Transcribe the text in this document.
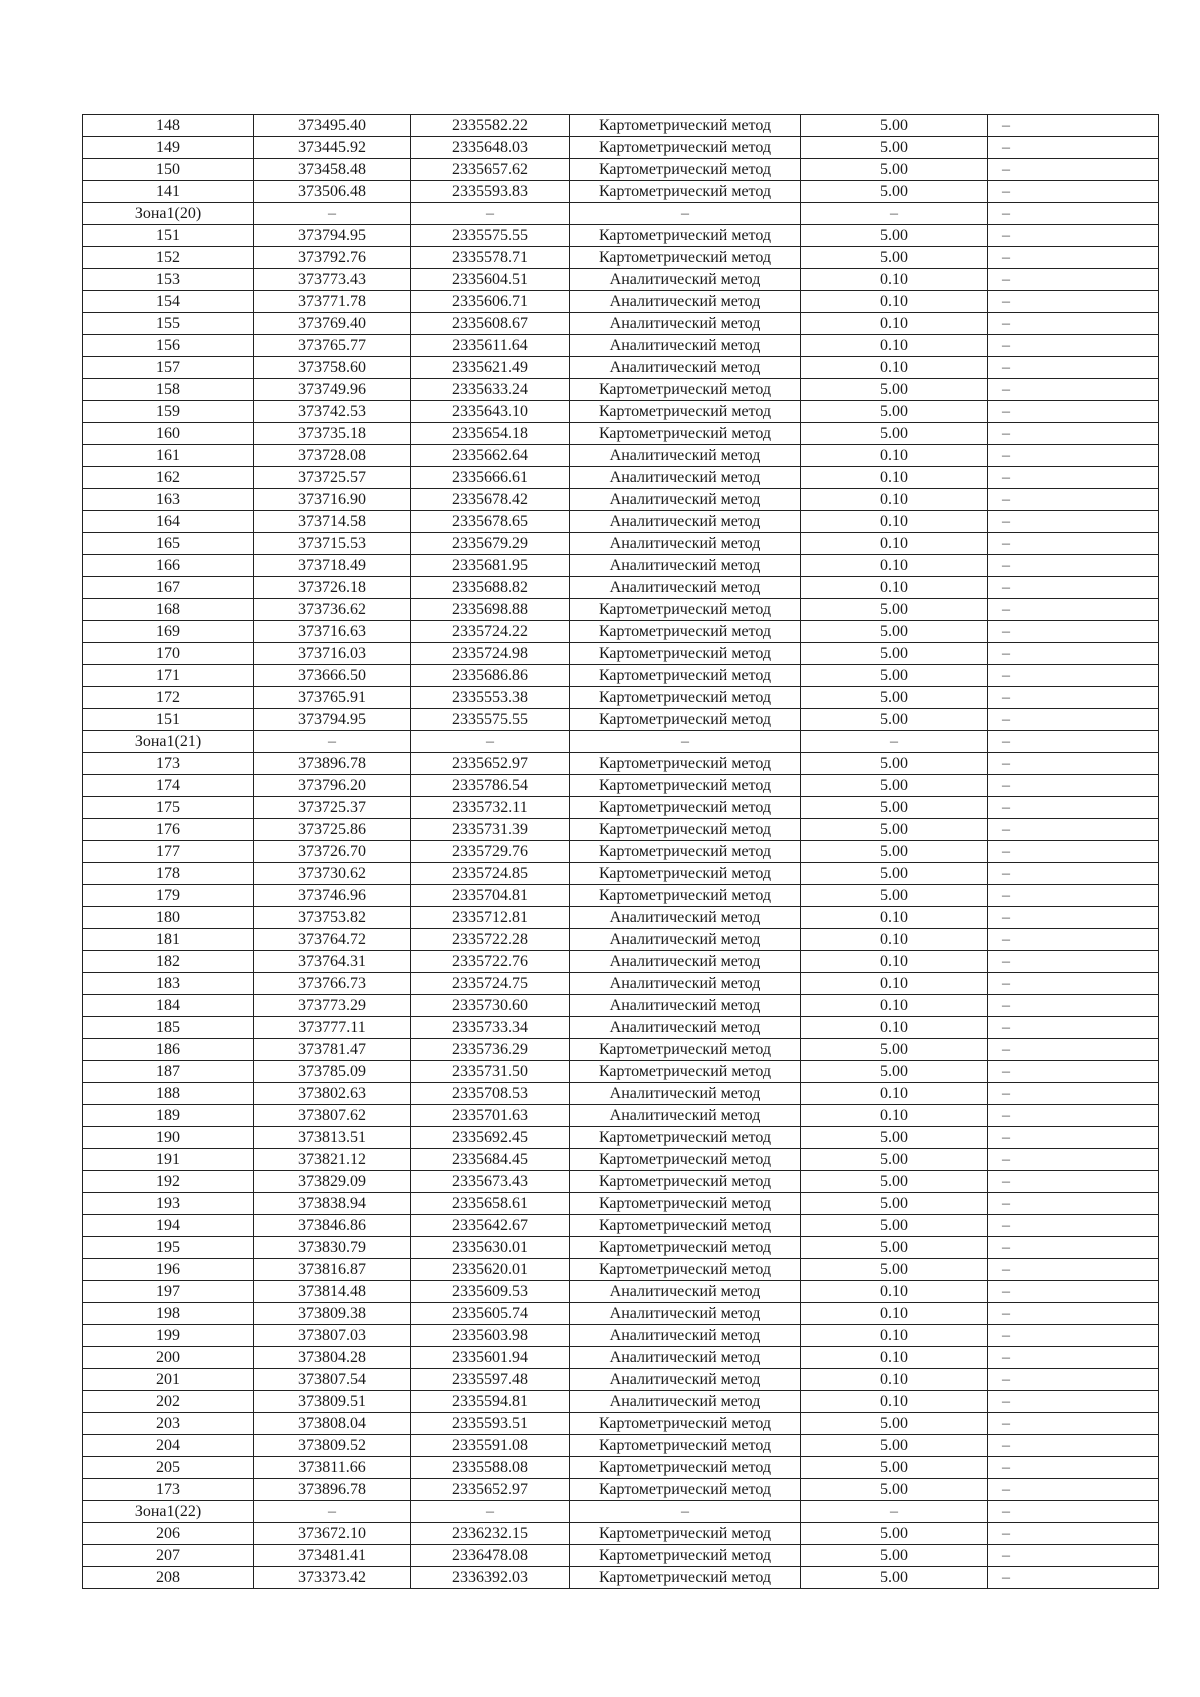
148	373495.40	2335582.22	Картометрический метод	5.00	–
149	373445.92	2335648.03	Картометрический метод	5.00	–
150	373458.48	2335657.62	Картометрический метод	5.00	–
141	373506.48	2335593.83	Картометрический метод	5.00	–
Зона1(20)	–	–	–	–	–
151	373794.95	2335575.55	Картометрический метод	5.00	–
152	373792.76	2335578.71	Картометрический метод	5.00	–
153	373773.43	2335604.51	Аналитический метод	0.10	–
154	373771.78	2335606.71	Аналитический метод	0.10	–
155	373769.40	2335608.67	Аналитический метод	0.10	–
156	373765.77	2335611.64	Аналитический метод	0.10	–
157	373758.60	2335621.49	Аналитический метод	0.10	–
158	373749.96	2335633.24	Картометрический метод	5.00	–
159	373742.53	2335643.10	Картометрический метод	5.00	–
160	373735.18	2335654.18	Картометрический метод	5.00	–
161	373728.08	2335662.64	Аналитический метод	0.10	–
162	373725.57	2335666.61	Аналитический метод	0.10	–
163	373716.90	2335678.42	Аналитический метод	0.10	–
164	373714.58	2335678.65	Аналитический метод	0.10	–
165	373715.53	2335679.29	Аналитический метод	0.10	–
166	373718.49	2335681.95	Аналитический метод	0.10	–
167	373726.18	2335688.82	Аналитический метод	0.10	–
168	373736.62	2335698.88	Картометрический метод	5.00	–
169	373716.63	2335724.22	Картометрический метод	5.00	–
170	373716.03	2335724.98	Картометрический метод	5.00	–
171	373666.50	2335686.86	Картометрический метод	5.00	–
172	373765.91	2335553.38	Картометрический метод	5.00	–
151	373794.95	2335575.55	Картометрический метод	5.00	–
Зона1(21)	–	–	–	–	–
173	373896.78	2335652.97	Картометрический метод	5.00	–
174	373796.20	2335786.54	Картометрический метод	5.00	–
175	373725.37	2335732.11	Картометрический метод	5.00	–
176	373725.86	2335731.39	Картометрический метод	5.00	–
177	373726.70	2335729.76	Картометрический метод	5.00	–
178	373730.62	2335724.85	Картометрический метод	5.00	–
179	373746.96	2335704.81	Картометрический метод	5.00	–
180	373753.82	2335712.81	Аналитический метод	0.10	–
181	373764.72	2335722.28	Аналитический метод	0.10	–
182	373764.31	2335722.76	Аналитический метод	0.10	–
183	373766.73	2335724.75	Аналитический метод	0.10	–
184	373773.29	2335730.60	Аналитический метод	0.10	–
185	373777.11	2335733.34	Аналитический метод	0.10	–
186	373781.47	2335736.29	Картометрический метод	5.00	–
187	373785.09	2335731.50	Картометрический метод	5.00	–
188	373802.63	2335708.53	Аналитический метод	0.10	–
189	373807.62	2335701.63	Аналитический метод	0.10	–
190	373813.51	2335692.45	Картометрический метод	5.00	–
191	373821.12	2335684.45	Картометрический метод	5.00	–
192	373829.09	2335673.43	Картометрический метод	5.00	–
193	373838.94	2335658.61	Картометрический метод	5.00	–
194	373846.86	2335642.67	Картометрический метод	5.00	–
195	373830.79	2335630.01	Картометрический метод	5.00	–
196	373816.87	2335620.01	Картометрический метод	5.00	–
197	373814.48	2335609.53	Аналитический метод	0.10	–
198	373809.38	2335605.74	Аналитический метод	0.10	–
199	373807.03	2335603.98	Аналитический метод	0.10	–
200	373804.28	2335601.94	Аналитический метод	0.10	–
201	373807.54	2335597.48	Аналитический метод	0.10	–
202	373809.51	2335594.81	Аналитический метод	0.10	–
203	373808.04	2335593.51	Картометрический метод	5.00	–
204	373809.52	2335591.08	Картометрический метод	5.00	–
205	373811.66	2335588.08	Картометрический метод	5.00	–
173	373896.78	2335652.97	Картометрический метод	5.00	–
Зона1(22)	–	–	–	–	–
206	373672.10	2336232.15	Картометрический метод	5.00	–
207	373481.41	2336478.08	Картометрический метод	5.00	–
208	373373.42	2336392.03	Картометрический метод	5.00	–
